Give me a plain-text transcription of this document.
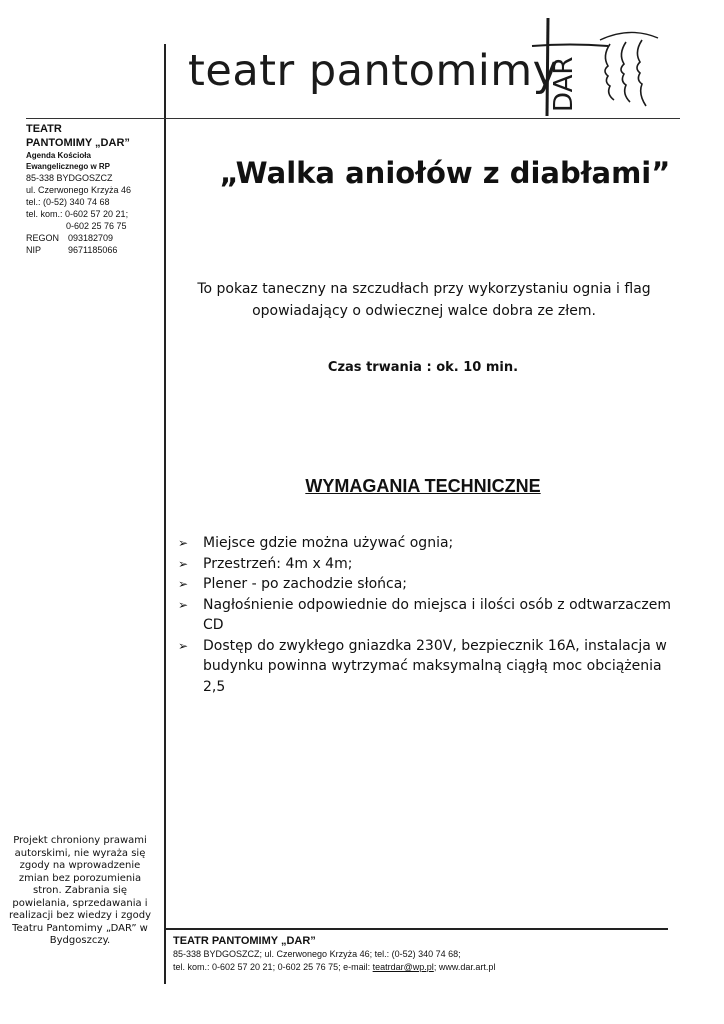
teatr pantomimy
DAR
TEATR
PANTOMIMY „DAR”
Agenda Kościoła
Ewangelicznego w RP
85-338 BYDGOSZCZ
ul. Czerwonego Krzyża 46
tel.: (0-52) 340 74 68
tel. kom.: 0-602 57 20 21;
0-602 25 76 75
REGON 093182709
NIP	9671185066
„Walka aniołów z diabłami”
To pokaz taneczny na szczudłach przy wykorzystaniu ognia i flag opowiadający o odwiecznej walce dobra ze złem.
Czas trwania : ok. 10 min.
WYMAGANIA TECHNICZNE
➢ Miejsce gdzie można używać ognia;
➢ Przestrzeń: 4m x 4m;
➢ Plener - po zachodzie słońca;
➢ Nagłośnienie odpowiednie do miejsca i ilości osób z odtwarzaczem CD
➢ Dostęp do zwykłego gniazdka 230V, bezpiecznik 16A, instalacja w budynku powinna wytrzymać maksymalną ciągłą moc obciążenia 2,5
Projekt chroniony prawami autorskimi, nie wyraża się zgody na wprowadzenie zmian bez porozumienia stron. Zabrania się powielania, sprzedawania i realizacji bez wiedzy i zgody Teatru Pantomimy „DAR” w Bydgoszczy.	TEATR PANTOMIMY „DAR”
85-338 BYDGOSZCZ; ul. Czerwonego Krzyża 46; tel.: (0-52) 340 74 68;
tel. kom.: 0-602 57 20 21; 0-602 25 76 75; e-mail: teatrdar@wp.pl; www.dar.art.pl
